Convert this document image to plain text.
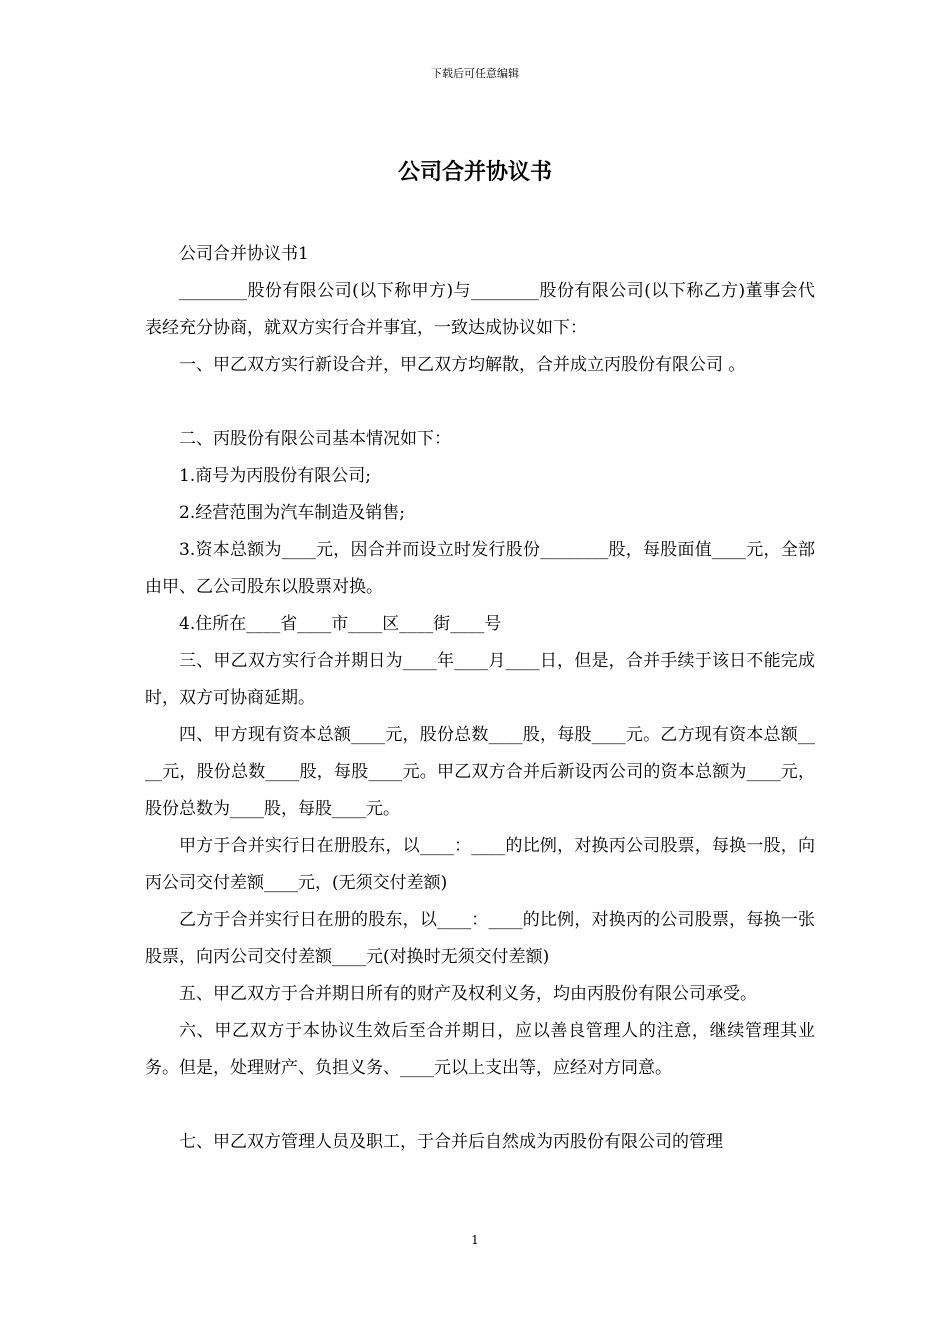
下载后可任意编辑
公司合并协议书

公司合并协议书1

________股份有限公司(以下称甲方)与________股份有限公司(以下称乙方)董事会代表经充分协商，就双方实行合并事宜，一致达成协议如下：

一、甲乙双方实行新设合并，甲乙双方均解散，合并成立丙股份有限公司 。

二、丙股份有限公司基本情况如下：

1.商号为丙股份有限公司;

2.经营范围为汽车制造及销售;

3.资本总额为____元，因合并而设立时发行股份________股，每股面值____元，全部由甲、乙公司股东以股票对换。

4.住所在____省____市____区____街____号

三、甲乙双方实行合并期日为____年____月____日，但是，合并手续于该日不能完成时，双方可协商延期。

四、甲方现有资本总额____元，股份总数____股，每股____元。乙方现有资本总额____元，股份总数____股，每股____元。甲乙双方合并后新设丙公司的资本总额为____元，股份总数为____股，每股____元。

甲方于合并实行日在册股东，以____：____的比例，对换丙公司股票，每换一股，向丙公司交付差额____元，(无须交付差额)

乙方于合并实行日在册的股东，以____：____的比例，对换丙的公司股票，每换一张股票，向丙公司交付差额____元(对换时无须交付差额)

五、甲乙双方于合并期日所有的财产及权利义务，均由丙股份有限公司承受。

六、甲乙双方于本协议生效后至合并期日，应以善良管理人的注意，继续管理其业务。但是，处理财产、负担义务、____元以上支出等，应经对方同意。

七、甲乙双方管理人员及职工，于合并后自然成为丙股份有限公司的管理

1
